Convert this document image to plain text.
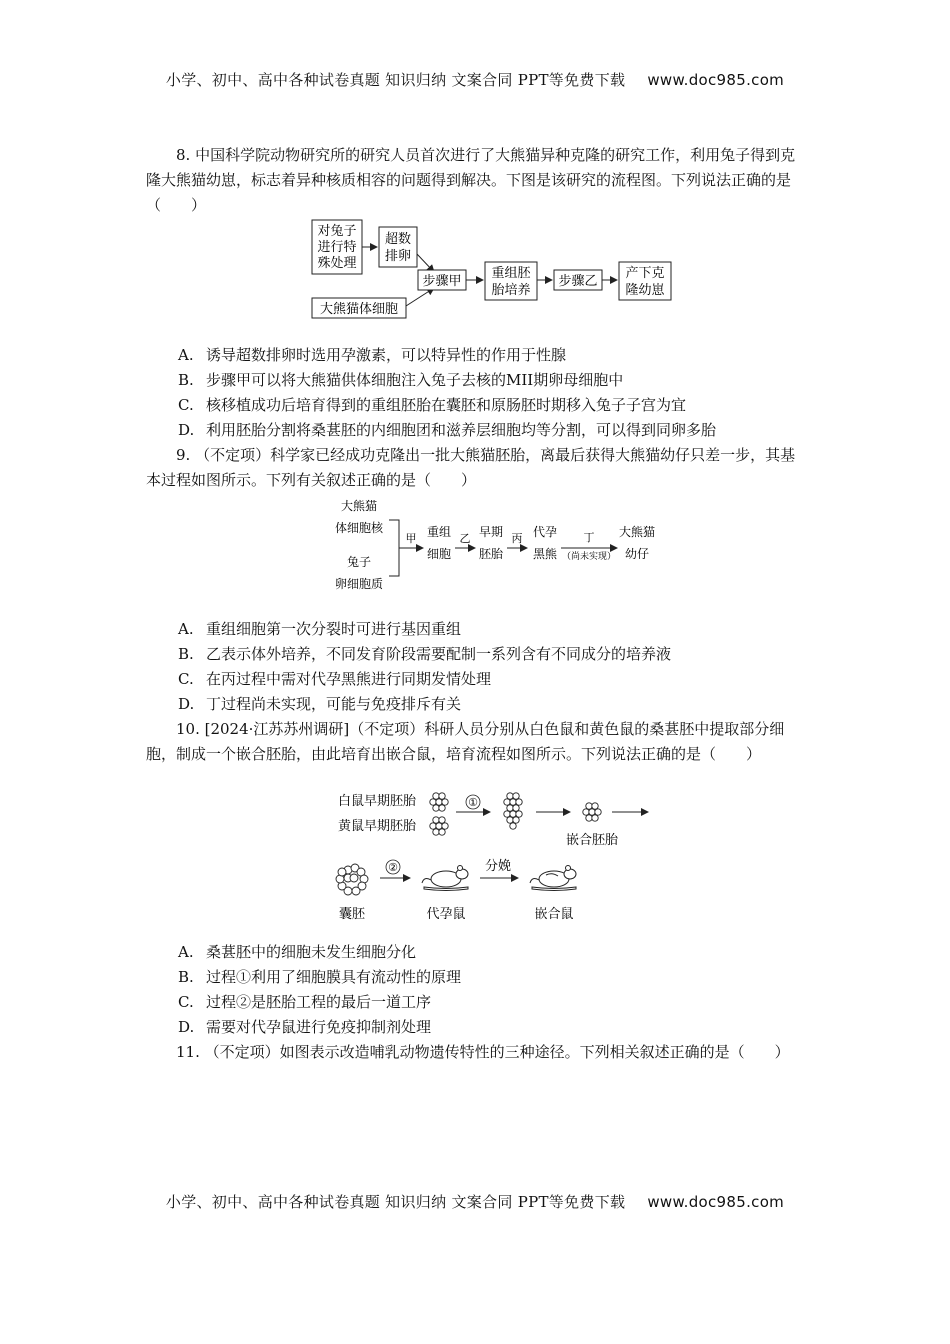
小学、初中、高中各种试卷真题 知识归纳 文案合同 PPT等免费下载 www.doc985.com
8. 中国科学院动物研究所的研究人员首次进行了大熊猫异种克隆的研究工作，利用兔子得到克隆大熊猫幼崽，标志着异种核质相容的问题得到解决。下图是该研究的流程图。下列说法正确的是（　　）
对兔子
进行特
殊处理
超数
排卵
大熊猫体细胞
步骤甲
重组胚
胎培养
步骤乙
产下克
隆幼崽
A. 诱导超数排卵时选用孕激素，可以特异性的作用于性腺
B. 步骤甲可以将大熊猫供体细胞注入兔子去核的MII期卵母细胞中
C. 核移植成功后培育得到的重组胚胎在囊胚和原肠胚时期移入兔子子宫为宜
D. 利用胚胎分割将桑葚胚的内细胞团和滋养层细胞均等分割，可以得到同卵多胎
9. （不定项）科学家已经成功克隆出一批大熊猫胚胎，离最后获得大熊猫幼仔只差一步，其基本过程如图所示。下列有关叙述正确的是（　　）
大熊猫
体细胞核
兔子
卵细胞质
甲 重组
细胞
乙 早期
胚胎
丙 代孕
黑熊
丁
（尚未实现）
大熊猫
幼仔
A. 重组细胞第一次分裂时可进行基因重组
B. 乙表示体外培养，不同发育阶段需要配制一系列含有不同成分的培养液
C. 在丙过程中需对代孕黑熊进行同期发情处理
D. 丁过程尚未实现，可能与免疫排斥有关
10. [2024·江苏苏州调研]（不定项）科研人员分别从白色鼠和黄色鼠的桑葚胚中提取部分细胞，制成一个嵌合胚胎，由此培育出嵌合鼠，培育流程如图所示。下列说法正确的是（　　）
白鼠早期胚胎
黄鼠早期胚胎
①
嵌合胚胎
囊胚
②
代孕鼠
分娩
嵌合鼠
A. 桑葚胚中的细胞未发生细胞分化
B. 过程①利用了细胞膜具有流动性的原理
C. 过程②是胚胎工程的最后一道工序
D. 需要对代孕鼠进行免疫抑制剂处理
11. （不定项）如图表示改造哺乳动物遗传特性的三种途径。下列相关叙述正确的是（　　）
小学、初中、高中各种试卷真题 知识归纳 文案合同 PPT等免费下载 www.doc985.com
